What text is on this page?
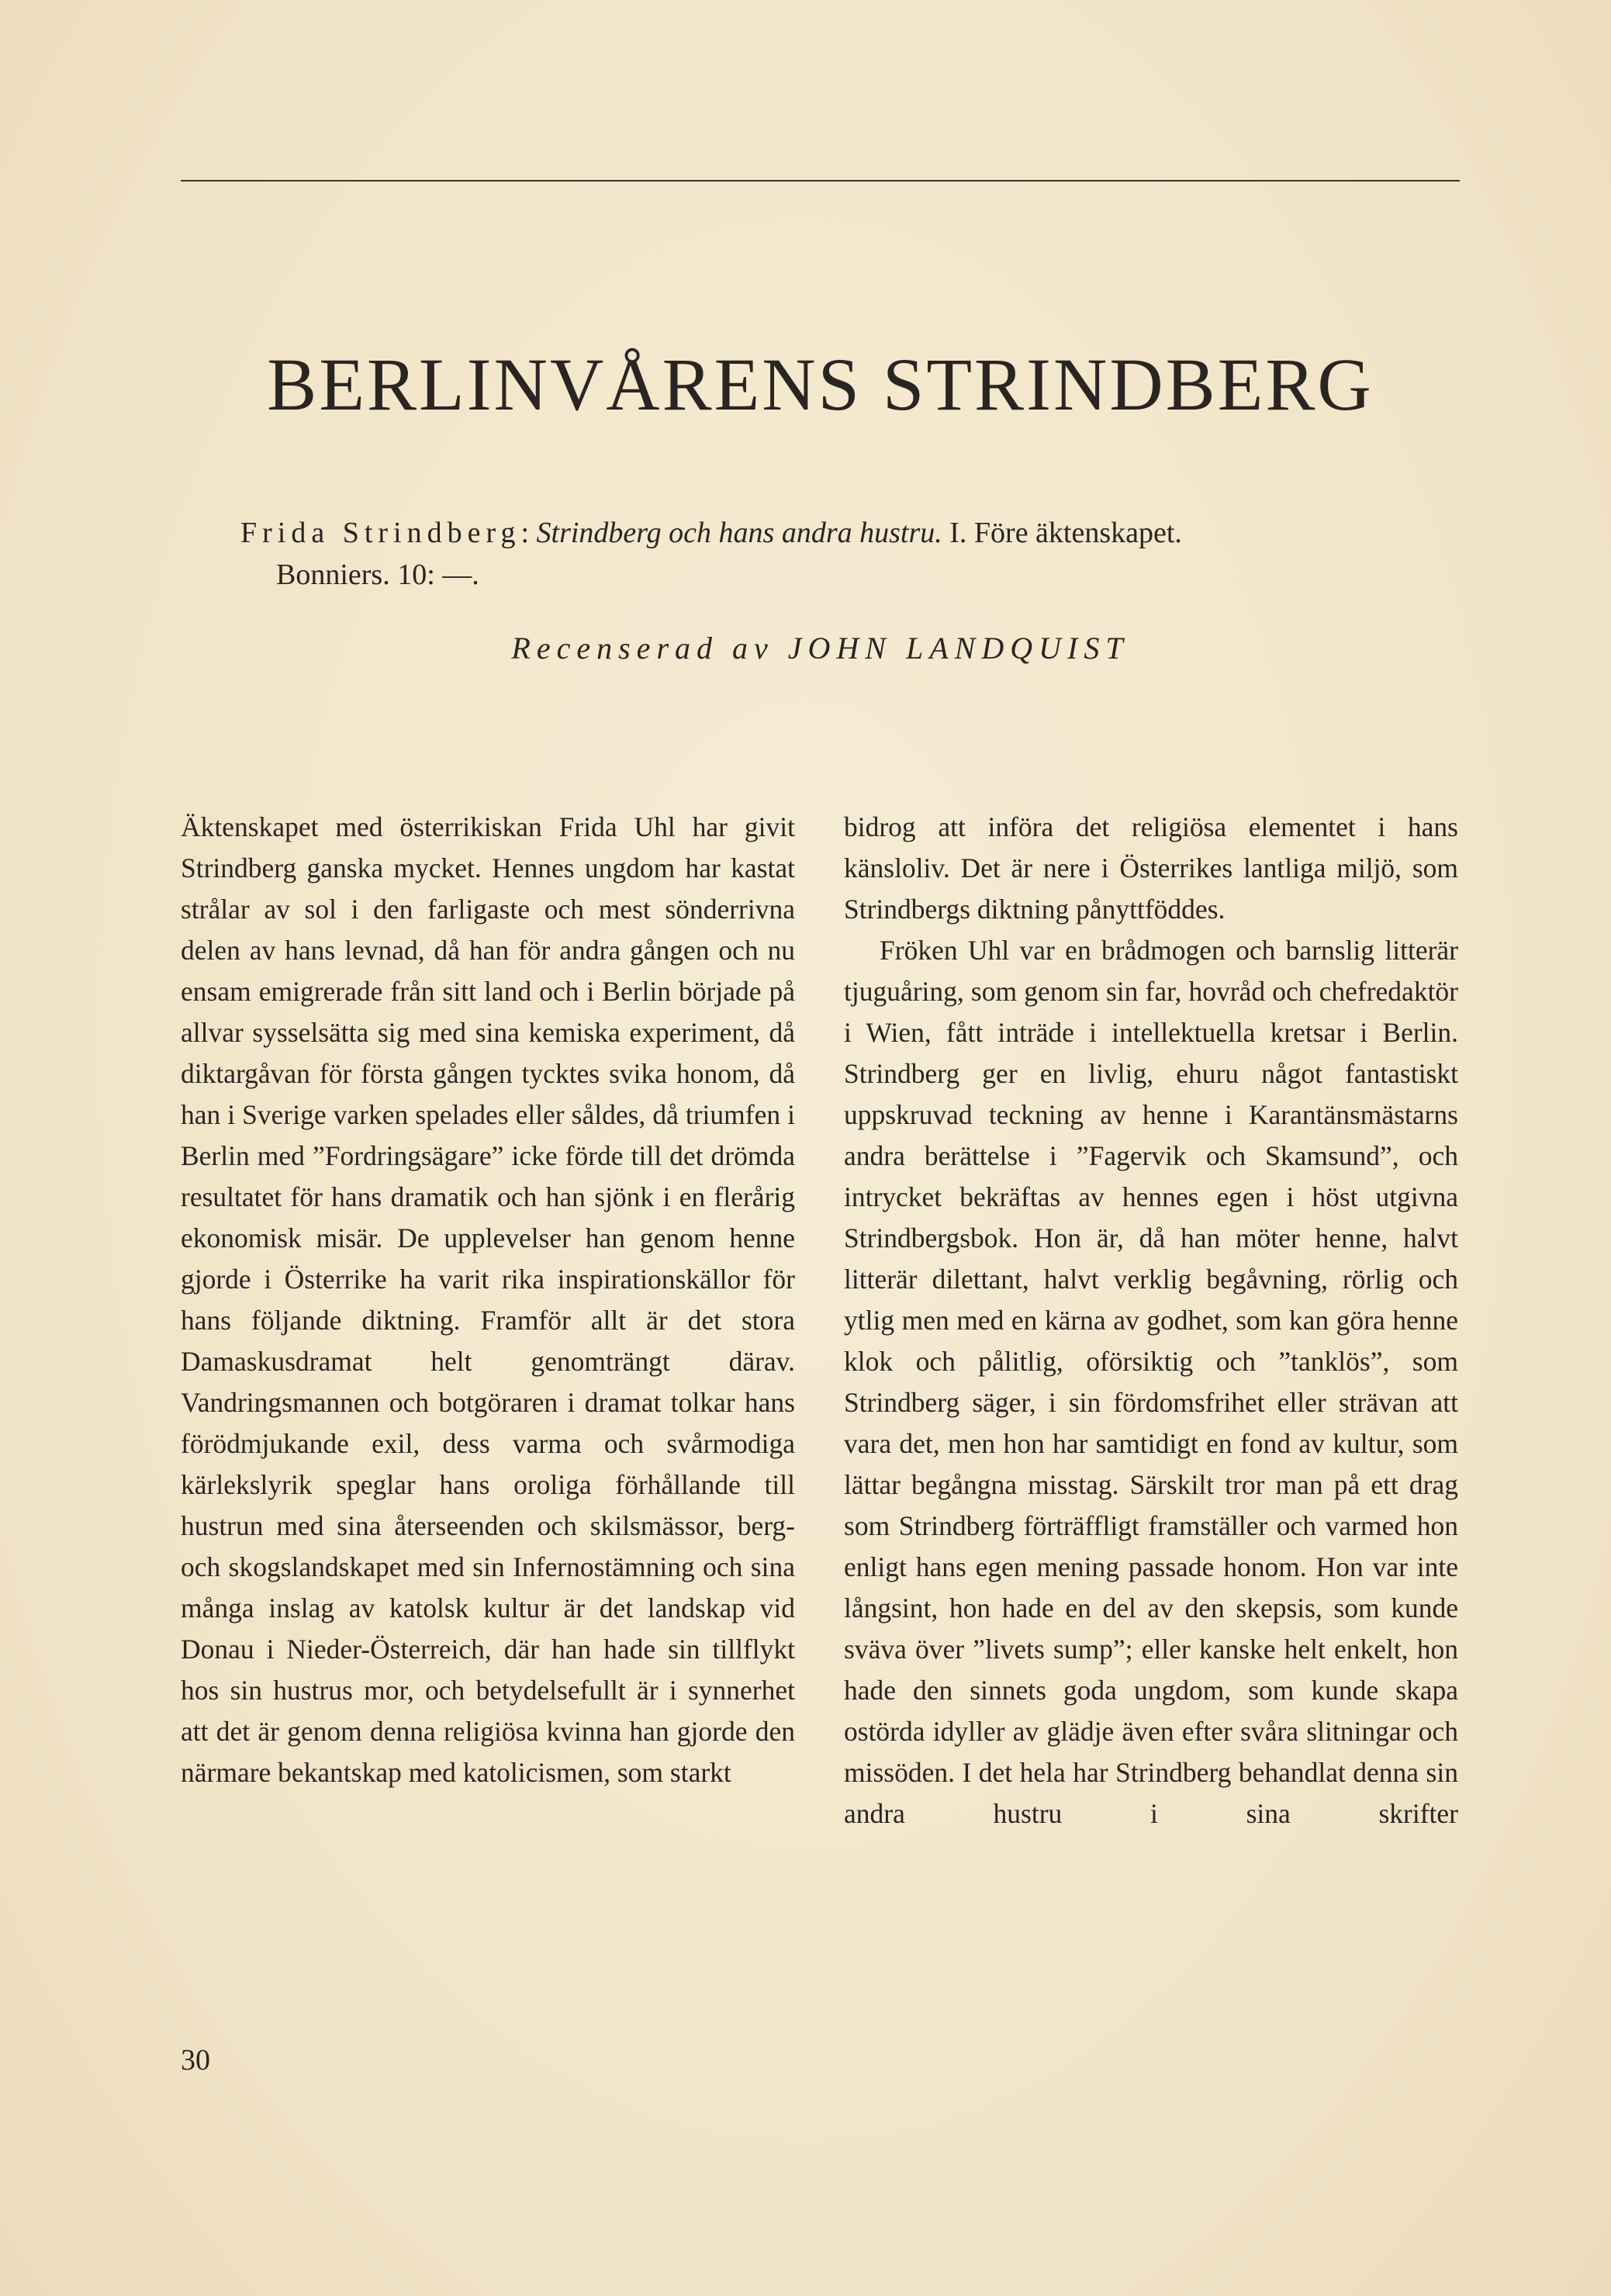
BERLINVÅRENS STRINDBERG
Frida Strindberg: Strindberg och hans andra hustru. I. Före äktenskapet.
Bonniers. 10: —.
Recenserad av JOHN LANDQUIST

Äktenskapet med österrikiskan Frida Uhl har givit Strindberg ganska mycket. Hennes ungdom har kastat strålar av sol i den farligaste och mest sönderrivna delen av hans levnad, då han för andra gången och nu ensam emigrerade från sitt land och i Berlin började på allvar sysselsätta sig med sina kemiska experiment, då diktargåvan för första gången tycktes svika honom, då han i Sverige varken spelades eller såldes, då triumfen i Berlin med ”Fordringsägare” icke förde till det drömda resultatet för hans dramatik och han sjönk i en flerårig ekonomisk misär. De upplevelser han genom henne gjorde i Österrike ha varit rika inspirationskällor för hans följande diktning. Framför allt är det stora Damaskusdramat helt genomträngt därav. Vandringsmannen och botgöraren i dramat tolkar hans förödmjukande exil, dess varma och svårmodiga kärlekslyrik speglar hans oroliga förhållande till hustrun med sina återseenden och skilsmässor, berg- och skogslandskapet med sin Infernostämning och sina många inslag av katolsk kultur är det landskap vid Donau i Nieder-Österreich, där han hade sin tillflykt hos sin hustrus mor, och betydelsefullt är i synnerhet att det är genom denna religiösa kvinna han gjorde den närmare bekantskap med katolicismen, som starkt

bidrog att införa det religiösa elementet i hans känsloliv. Det är nere i Österrikes lantliga miljö, som Strindbergs diktning pånyttföddes.

Fröken Uhl var en brådmogen och barnslig litterär tjuguåring, som genom sin far, hovråd och chefredaktör i Wien, fått inträde i intellektuella kretsar i Berlin. Strindberg ger en livlig, ehuru något fantastiskt uppskruvad teckning av henne i Karantänsmästarns andra berättelse i ”Fagervik och Skamsund”, och intrycket bekräftas av hennes egen i höst utgivna Strindbergsbok. Hon är, då han möter henne, halvt litterär dilettant, halvt verklig begåvning, rörlig och ytlig men med en kärna av godhet, som kan göra henne klok och pålitlig, oförsiktig och ”tanklös”, som Strindberg säger, i sin fördomsfrihet eller strävan att vara det, men hon har samtidigt en fond av kultur, som lättar begångna misstag. Särskilt tror man på ett drag som Strindberg förträffligt framställer och varmed hon enligt hans egen mening passade honom. Hon var inte långsint, hon hade en del av den skepsis, som kunde sväva över ”livets sump”; eller kanske helt enkelt, hon hade den sinnets goda ungdom, som kunde skapa ostörda idyller av glädje även efter svåra slitningar och missöden. I det hela har Strindberg behandlat denna sin andra hustru i sina skrifter

30
